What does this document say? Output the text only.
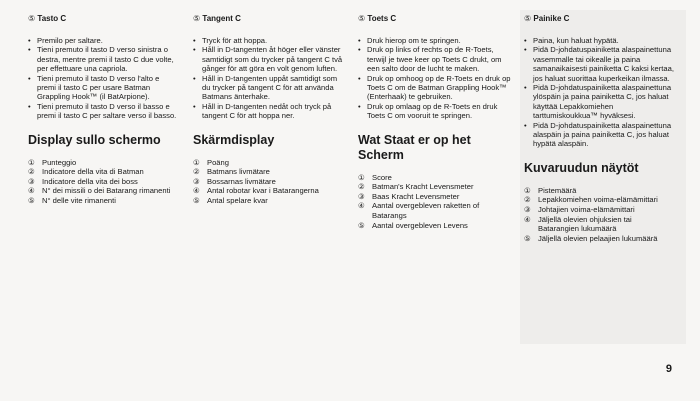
⑤ Tasto C
• Premilo per saltare.
• Tieni premuto il tasto D verso sinistra o destra, mentre premi il tasto C due volte, per effettuare una capriola.
• Tieni premuto il tasto D verso l'alto e premi il tasto C per usare Batman Grappling Hook™ (il BatArpione).
• Tieni premuto il tasto D verso il basso e premi il tasto C per saltare verso il basso.
Display sullo schermo
① Punteggio
② Indicatore della vita di Batman
③ Indicatore della vita dei boss
④ N° dei missili o dei Batarang rimanenti
⑤ N° delle vite rimanenti
⑤ Tangent C
• Tryck för att hoppa.
• Håll in D-tangenten åt höger eller vänster samtidigt som du trycker på tangent C två gånger för att göra en volt genom luften.
• Håll in D-tangenten uppåt samtidigt som du trycker på tangent C för att använda Batmans änterhake.
• Håll in D-tangenten nedåt och tryck på tangent C för att hoppa ner.
Skärmdisplay
① Poäng
② Batmans livmätare
③ Bossarnas livmätare
④ Antal robotar kvar i Batarangerna
⑤ Antal spelare kvar
⑤ Toets C
• Druk hierop om te springen.
• Druk op links of rechts op de R-Toets, terwijl je twee keer op Toets C drukt, om een salto door de lucht te maken.
• Druk op omhoog op de R-Toets en druk op Toets C om de Batman Grappling Hook™ (Enterhaak) te gebruiken.
• Druk op omlaag op de R-Toets en druk Toets C om vooruit te springen.
Wat Staat er op het Scherm
① Score
② Batman's Kracht Levensmeter
③ Baas Kracht Levensmeter
④ Aantal overgebleven raketten of Batarangs
⑤ Aantal overgebleven Levens
⑤ Painike C
• Paina, kun haluat hypätä.
• Pidä D-johdatuspainiketta alaspainettuna vasemmalle tai oikealle ja paina samanaikaisesti painiketta C kaksi kertaa, jos haluat suorittaa kuperkeikan ilmassa.
• Pidä D-johdatuspainiketta alaspainettuna ylöspäin ja paina painiketta C, jos haluat käyttää Lepakkomiehen tarttumiskoukkua™ hyväksesi.
• Pidä D-johdatuspainiketta alaspainettuna alaspäin ja paina painiketta C, jos haluat hypätä alaspäin.
Kuvaruudun näytöt
① Pistemäärä
② Lepakkomiehen voima-elämämittari
③ Johtajien voima-elämämittari
④ Jäljellä olevien ohjuksien tai Batarangien lukumäärä
⑤ Jäljellä olevien pelaajien lukumäärä
9
